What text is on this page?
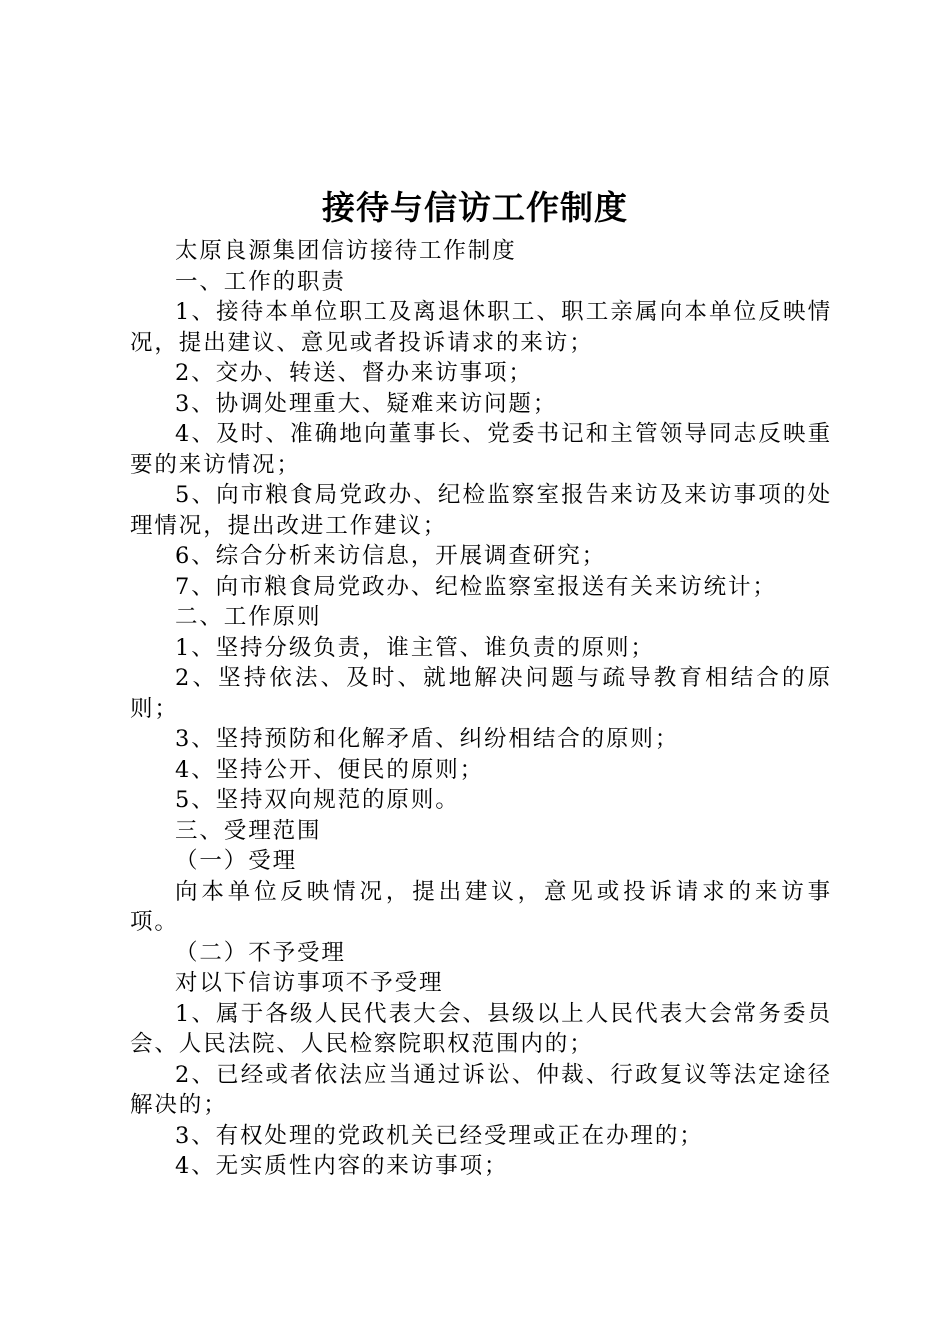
接待与信访工作制度

太原良源集团信访接待工作制度

一、工作的职责

1、接待本单位职工及离退休职工、职工亲属向本单位反映情况，提出建议、意见或者投诉请求的来访；

2、交办、转送、督办来访事项；

3、协调处理重大、疑难来访问题；

4、及时、准确地向董事长、党委书记和主管领导同志反映重要的来访情况；

5、向市粮食局党政办、纪检监察室报告来访及来访事项的处理情况，提出改进工作建议；

6、综合分析来访信息，开展调查研究；

7、向市粮食局党政办、纪检监察室报送有关来访统计；

二、工作原则

1、坚持分级负责，谁主管、谁负责的原则；

2、坚持依法、及时、就地解决问题与疏导教育相结合的原则；

3、坚持预防和化解矛盾、纠纷相结合的原则；

4、坚持公开、便民的原则；

5、坚持双向规范的原则。

三、受理范围

（一）受理

向本单位反映情况，提出建议，意见或投诉请求的来访事项。

（二）不予受理

对以下信访事项不予受理

1、属于各级人民代表大会、县级以上人民代表大会常务委员会、人民法院、人民检察院职权范围内的；

2、已经或者依法应当通过诉讼、仲裁、行政复议等法定途径解决的；

3、有权处理的党政机关已经受理或正在办理的；

4、无实质性内容的来访事项；
